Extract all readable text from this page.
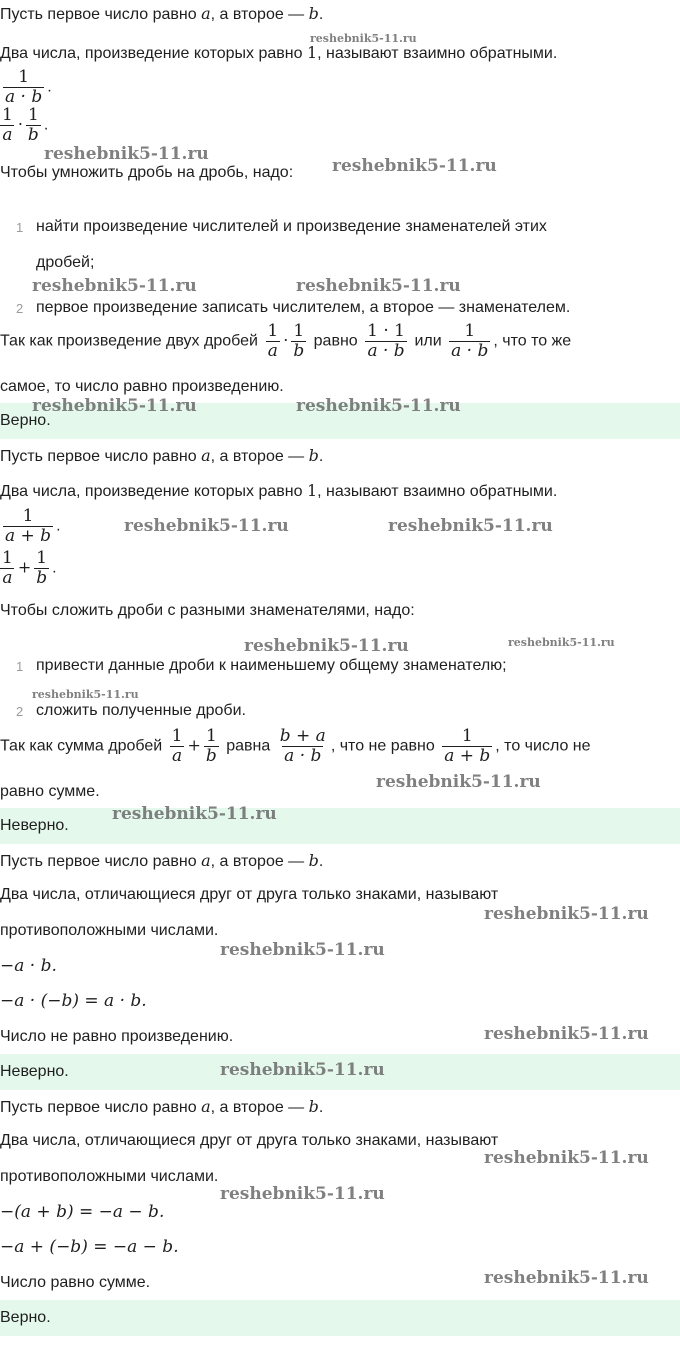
Пусть первое число равно a, а второе — b.
Два числа, произведение которых равно 1, называют взаимно обратными.
$\frac{1}{a \cdot b}$ .
$\frac{1}{a} \cdot \frac{1}{b}$ .
Чтобы умножить дробь на дробь, надо:
1 найти произведение числителей и произведение знаменателей этих
дробей;
2 первое произведение записать числителем, а второе — знаменателем.
Так как произведение двух дробей $\frac{1}{a} \cdot \frac{1}{b}$ равно $\frac{1 \cdot 1}{a \cdot b}$ или $\frac{1}{a \cdot b}$ , что то же
самое, то число равно произведению.
Верно.
Пусть первое число равно a, а второе — b.
Два числа, произведение которых равно 1, называют взаимно обратными.
$\frac{1}{a + b}$ .
$\frac{1}{a} + \frac{1}{b}$ .
Чтобы сложить дроби с разными знаменателями, надо:
1 привести данные дроби к наименьшему общему знаменателю;
2 сложить полученные дроби.
Так как сумма дробей $\frac{1}{a} + \frac{1}{b}$ равна $\frac{b + a}{a \cdot b}$ , что не равно $\frac{1}{a + b}$ , то число не
равно сумме.
Неверно.
Пусть первое число равно a, а второе — b.
Два числа, отличающиеся друг от друга только знаками, называют
противоположными числами.
−a · b.
−a · (−b) = a · b.
Число не равно произведению.
Неверно.
Пусть первое число равно a, а второе — b.
Два числа, отличающиеся друг от друга только знаками, называют
противоположными числами.
−(a + b) = −a − b.
−a + (−b) = −a − b.
Число равно сумме.
Верно.
reshebnik5-11.ru
reshebnik5-11.ru
reshebnik5-11.ru
reshebnik5-11.ru	reshebnik5-11.ru
reshebnik5-11.ru	reshebnik5-11.ru
reshebnik5-11.ru	reshebnik5-11.ru
reshebnik5-11.ru	reshebnik5-11.ru
reshebnik5-11.ru
reshebnik5-11.ru
reshebnik5-11.ru
reshebnik5-11.ru
reshebnik5-11.ru
reshebnik5-11.ru
reshebnik5-11.ru
reshebnik5-11.ru
reshebnik5-11.ru
reshebnik5-11.ru
